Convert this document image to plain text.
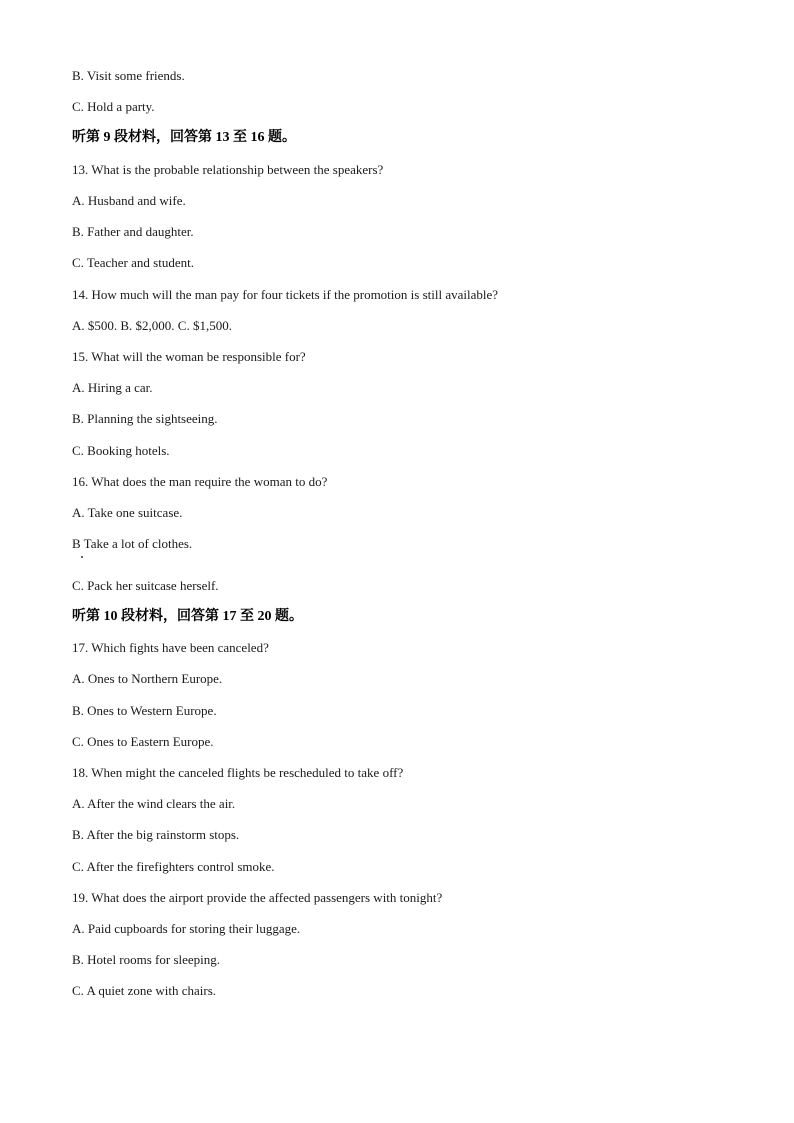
B. Visit some friends.
C. Hold a party.
听第 9 段材料，回答第 13 至 16 题。
13. What is the probable relationship between the speakers?
A. Husband and wife.
B. Father and daughter.
C. Teacher and student.
14. How much will the man pay for four tickets if the promotion is still available?
A. $500. B. $2,000. C. $1,500.
15. What will the woman be responsible for?
A. Hiring a car.
B. Planning the sightseeing.
C. Booking hotels.
16. What does the man require the woman to do?
A. Take one suitcase.
B Take a lot of clothes.
C. Pack her suitcase herself.
听第 10 段材料，回答第 17 至 20 题。
17. Which fights have been canceled?
A. Ones to Northern Europe.
B. Ones to Western Europe.
C. Ones to Eastern Europe.
18. When might the canceled flights be rescheduled to take off?
A. After the wind clears the air.
B. After the big rainstorm stops.
C. After the firefighters control smoke.
19. What does the airport provide the affected passengers with tonight?
A. Paid cupboards for storing their luggage.
B. Hotel rooms for sleeping.
C. A quiet zone with chairs.
